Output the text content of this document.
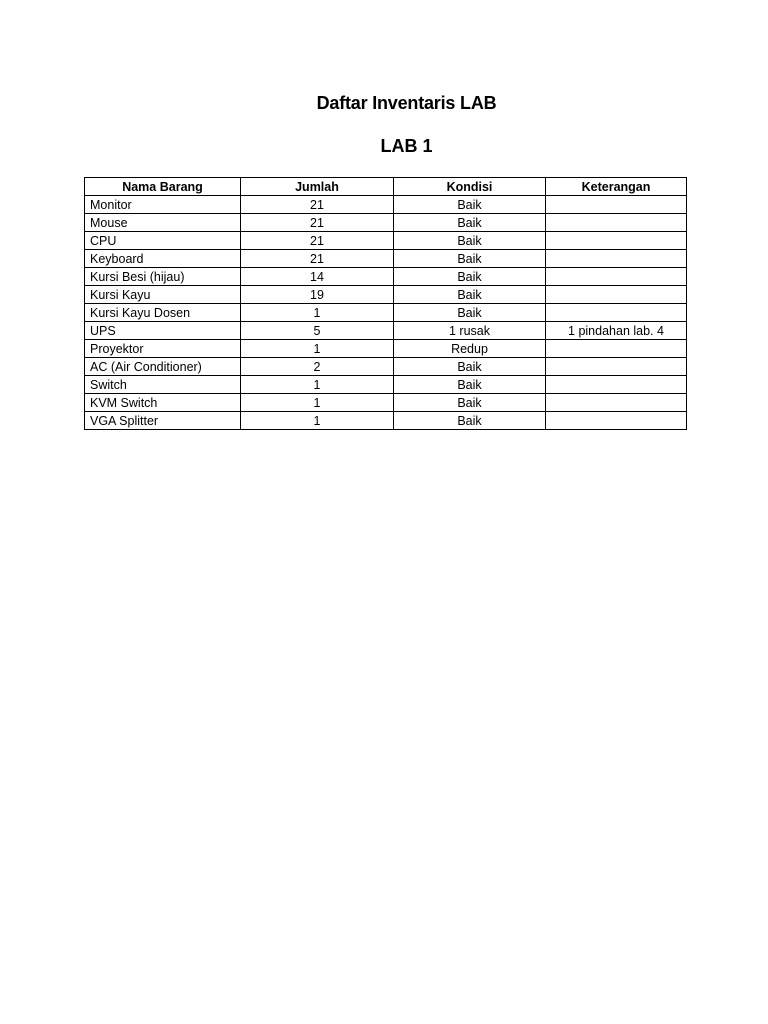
Daftar Inventaris LAB
LAB 1
Nama Barang	Jumlah	Kondisi	Keterangan
Monitor	21	Baik	
Mouse	21	Baik	
CPU	21	Baik	
Keyboard	21	Baik	
Kursi Besi (hijau)	14	Baik	
Kursi Kayu	19	Baik	
Kursi Kayu Dosen	1	Baik	
UPS	5	1 rusak	1 pindahan lab. 4
Proyektor	1	Redup	
AC (Air Conditioner)	2	Baik	
Switch	1	Baik	
KVM Switch	1	Baik	
VGA Splitter	1	Baik	
